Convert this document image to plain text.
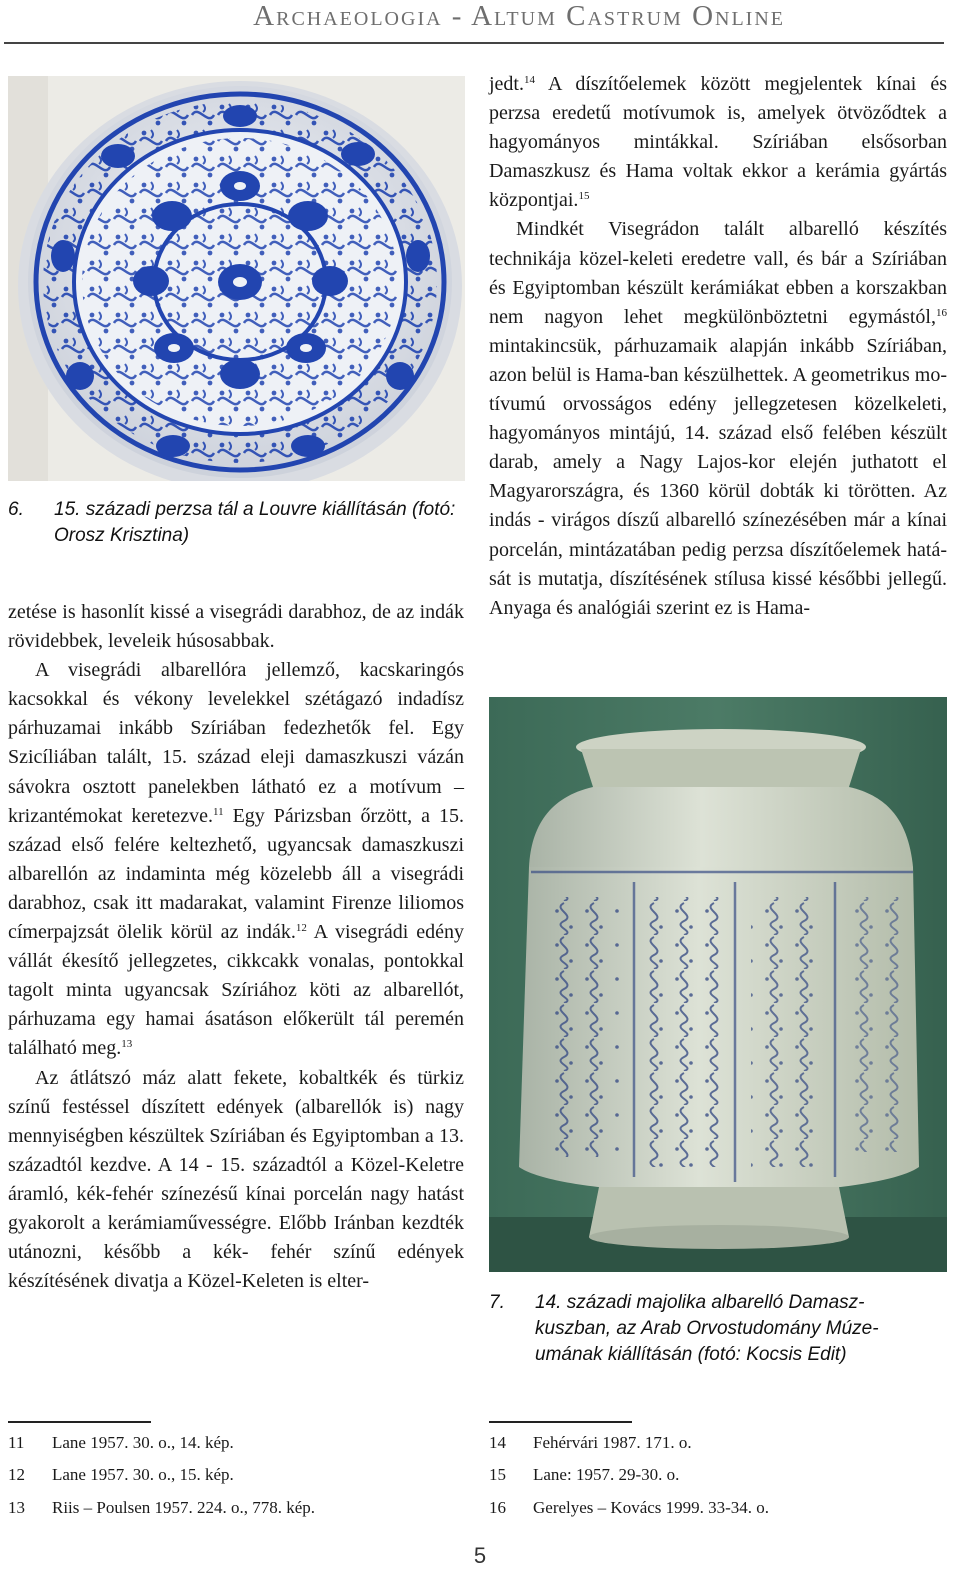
Archaeologia - Altum Castrum Online
6. 15. századi perzsa tál a Louvre kiállításán (fotó: Orosz Krisztina)

zetése is hasonlít kissé a visegrádi darabhoz, de az indák rövidebbek, leveleik húsosabbak.

A visegrádi albarellóra jellemző, kacskaringós kacsokkal és vékony levelekkel szétágazó indadísz párhuzamai inkább Szíriában fedezhetők fel. Egy Szicíliában talált, 15. század eleji damaszkuszi vázán sávokra osztott panelekben látható ez a motívum – krizantémokat keretezve.$^{11}$ Egy Párizsban őrzött, a 15. század első felére keltezhető, ugyancsak damaszkuszi albarellón az indaminta még közelebb áll a visegrádi darabhoz, csak itt madarakat, valamint Firenze liliomos címerpajzsát ölelik körül az indák.$^{12}$ A visegrádi edény vállát ékesítő jellegzetes, cikkcakk vonalas, pontokkal tagolt minta ugyancsak Szíriához köti az albarellót, párhuzama egy hamai ásatáson előkerült tál peremén található meg.$^{13}$

Az átlátszó máz alatt fekete, kobaltkék és türkiz színű festéssel díszített edények (albarellók is) nagy mennyiségben készültek Szíriában és Egyiptomban a 13. századtól kezdve. A 14 - 15. századtól a Közel-Keletre áramló, kék-fehér színezésű kínai porcelán nagy hatást gyakorolt a kerámiaművességre. Előbb Iránban kezdték utánozni, később a kék- fehér színű edények készítésének divatja a Közel-Keleten is elter-

jedt.$^{14}$ A díszítőelemek között megjelentek kínai és perzsa eredetű motívumok is, amelyek ötvöződtek a hagyományos mintákkal. Szíriában elsősorban Damaszkusz és Hama voltak ekkor a kerámia gyártás központjai.$^{15}$

Mindkét Visegrádon talált albarelló készítés technikája közel-keleti eredetre vall, és bár a Szíriában és Egyiptomban készült kerámiákat ebben a korszakban nem nagyon lehet megkülönböztetni egymástól,$^{16}$ mintakincsük, párhuzamaik alapján inkább Szíriában, azon belül is Hama-ban készülhettek. A geometrikus motívumú orvosságos edény jellegzetesen közelkeleti, hagyományos mintájú, 14. század első felében készült darab, amely a Nagy Lajos-kor elején juthatott el Magyarországra, és 1360 körül dobták ki törötten. Az indás - virágos díszű albarelló színezésében már a kínai porcelán, mintázatában pedig perzsa díszítőelemek hatását is mutatja, díszítésének stílusa kissé későbbi jellegű. Anyaga és analógiái szerint ez is Hama-

7. 14. századi majolika albarelló Damasz-
kuszban, az Arab Orvostudomány Múze-
umának kiállításán (fotó: Kocsis Edit)
11 Lane 1957. 30. o., 14. kép.
12 Lane 1957. 30. o., 15. kép.
13 Riis – Poulsen 1957. 224. o., 778. kép.
14 Fehérvári 1987. 171. o.
15 Lane: 1957. 29-30. o.
16 Gerelyes – Kovács 1999. 33-34. o.
5
